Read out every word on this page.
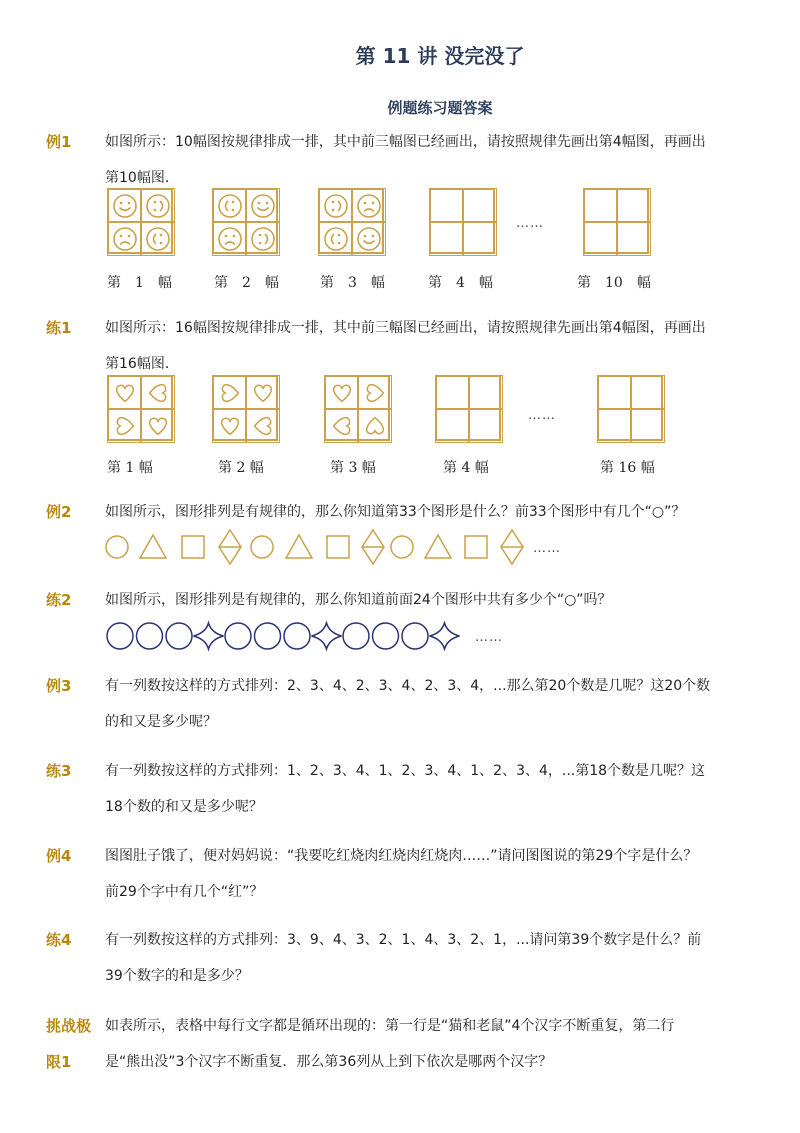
第 11 讲 没完没了
例题练习题答案
例1	如图所示：10幅图按规律排成一排，其中前三幅图已经画出，请按照规律先画出第4幅图，再画出
第10幅图．
第　1　幅	第　2　幅	第　3　幅	第　4　幅	第　10　幅
……
练1	如图所示：16幅图按规律排成一排，其中前三幅图已经画出，请按照规律先画出第4幅图，再画出
第16幅图．
第 1 幅	第 2 幅	第 3 幅	第 4 幅	第 16 幅
……
例2	如图所示，图形排列是有规律的，那么你知道第33个图形是什么？前33个图形中有几个“○”？
……
练2	如图所示，图形排列是有规律的，那么你知道前面24个图形中共有多少个“○”吗？
……
例3	有一列数按这样的方式排列：2、3、4、2、3、4、2、3、4，...那么第20个数是几呢？这20个数
的和又是多少呢？
练3	有一列数按这样的方式排列：1、2、3、4、1、2、3、4、1、2、3、4，...第18个数是几呢？这
18个数的和又是多少呢？
例4	图图肚子饿了，便对妈妈说：“我要吃红烧肉红烧肉红烧肉……”请问图图说的第29个字是什么？
前29个字中有几个“红”？
练4	有一列数按这样的方式排列：3、9、4、3、2、1、4、3、2、1，...请问第39个数字是什么？前
39个数字的和是多少？
挑战极
限1
如表所示，表格中每行文字都是循环出现的：第一行是“猫和老鼠”4个汉字不断重复，第二行
是“熊出没”3个汉字不断重复．那么第36列从上到下依次是哪两个汉字？
